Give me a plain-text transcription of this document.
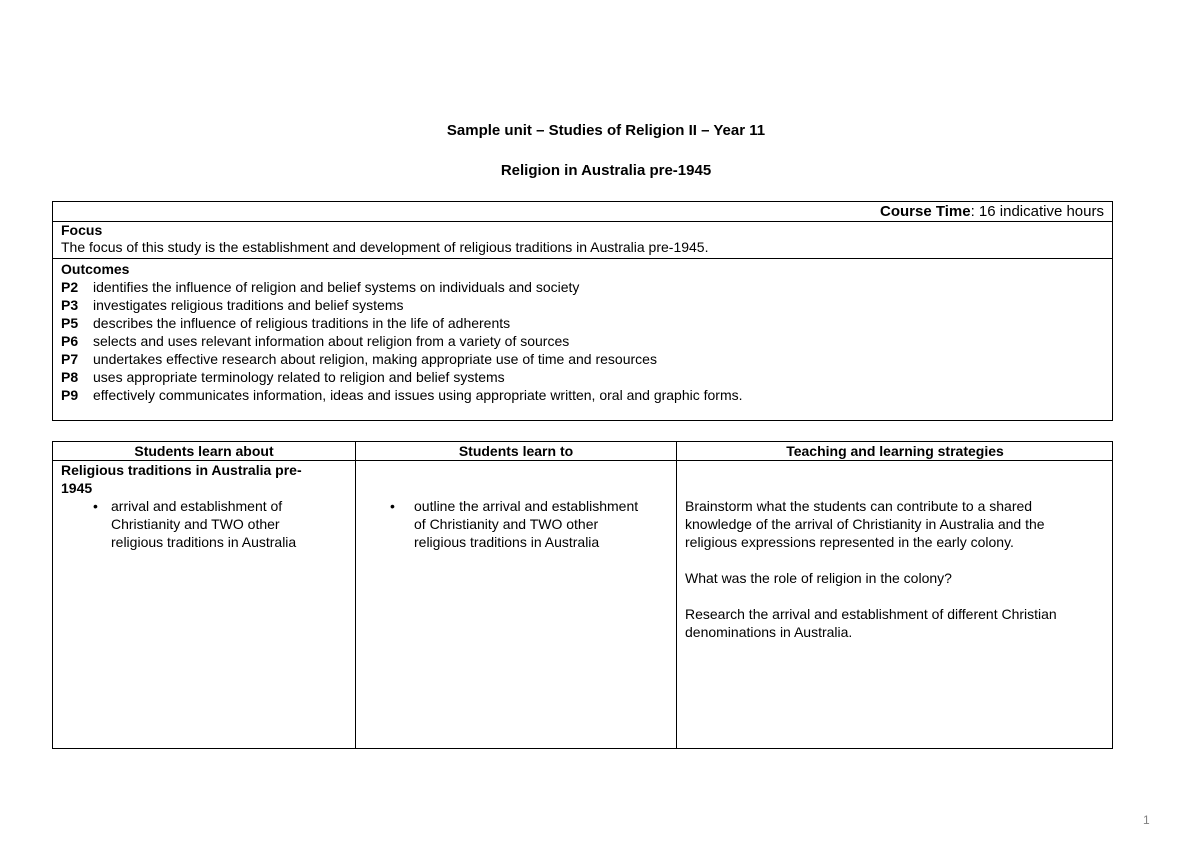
Sample unit – Studies of Religion II – Year 11
Religion in Australia pre-1945
Course Time: 16 indicative hours
Focus
The focus of this study is the establishment and development of religious traditions in Australia pre-1945.
Outcomes
P2 identifies the influence of religion and belief systems on individuals and society
P3 investigates religious traditions and belief systems
P5 describes the influence of religious traditions in the life of adherents
P6 selects and uses relevant information about religion from a variety of sources
P7 undertakes effective research about religion, making appropriate use of time and resources
P8 uses appropriate terminology related to religion and belief systems
P9 effectively communicates information, ideas and issues using appropriate written, oral and graphic forms.
Students learn about	Students learn to	Teaching and learning strategies
Religious traditions in Australia pre-
1945
• arrival and establishment of
Christianity and TWO other
religious traditions in Australia
• outline the arrival and establishment
of Christianity and TWO other
religious traditions in Australia
Brainstorm what the students can contribute to a shared
knowledge of the arrival of Christianity in Australia and the
religious expressions represented in the early colony.
What was the role of religion in the colony?
Research the arrival and establishment of different Christian
denominations in Australia.
1
